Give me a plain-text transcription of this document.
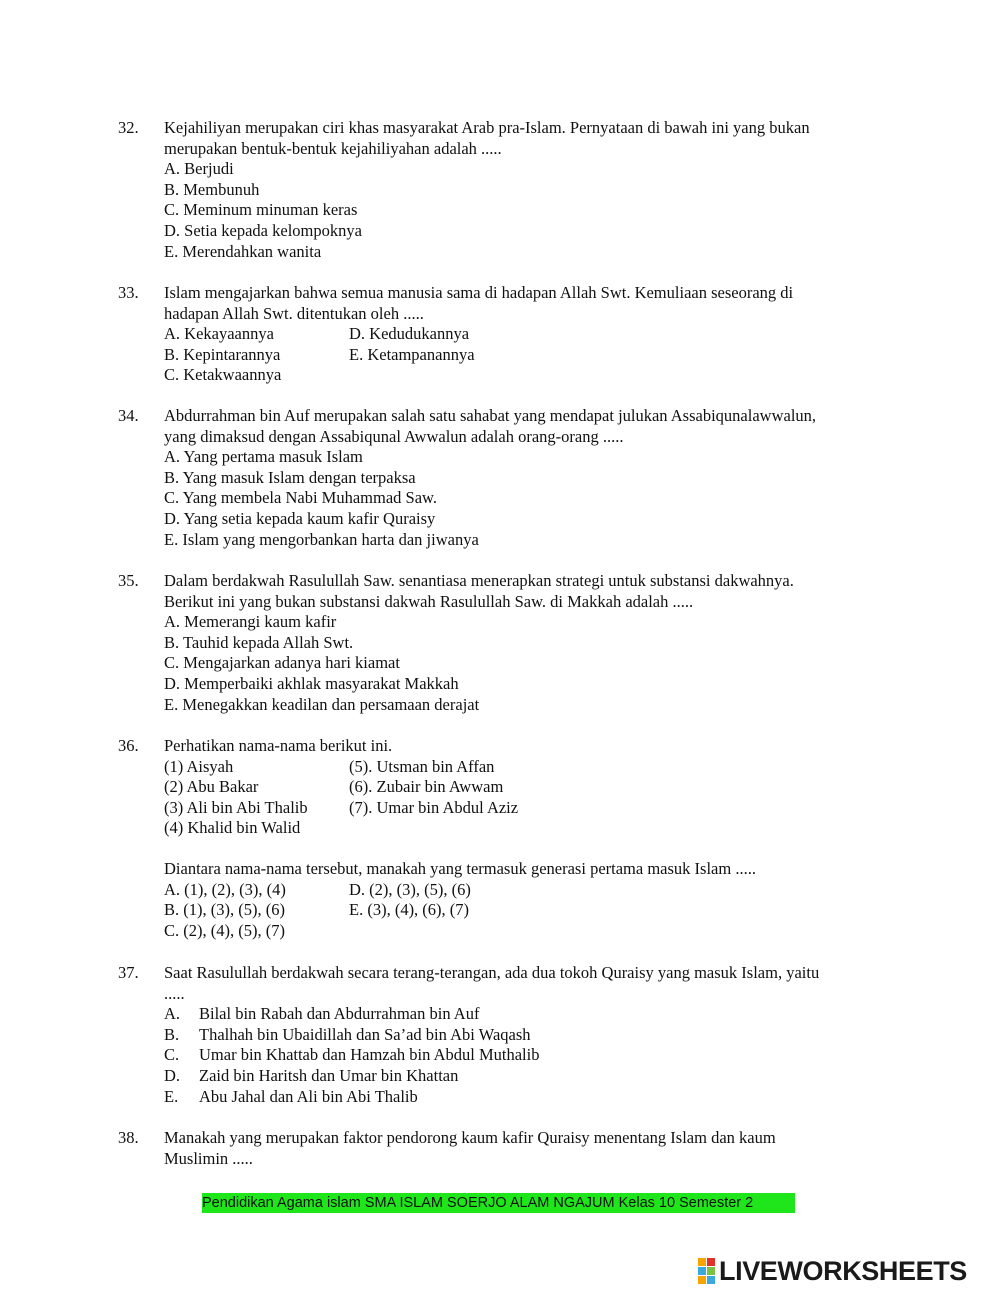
32. Kejahiliyan merupakan ciri khas masyarakat Arab pra-Islam. Pernyataan di bawah ini yang bukan
merupakan bentuk-bentuk kejahiliyahan adalah .....
A. Berjudi
B. Membunuh
C. Meminum minuman keras
D. Setia kepada kelompoknya
E. Merendahkan wanita
33. Islam mengajarkan bahwa semua manusia sama di hadapan Allah Swt. Kemuliaan seseorang di
hadapan Allah Swt. ditentukan oleh .....
A. Kekayaannya	D. Kedudukannya
B. Kepintarannya	E. Ketampanannya
C. Ketakwaannya
34. Abdurrahman bin Auf merupakan salah satu sahabat yang mendapat julukan Assabiqunalawwalun,
yang dimaksud dengan Assabiqunal Awwalun adalah orang-orang .....
A. Yang pertama masuk Islam
B. Yang masuk Islam dengan terpaksa
C. Yang membela Nabi Muhammad Saw.
D. Yang setia kepada kaum kafir Quraisy
E. Islam yang mengorbankan harta dan jiwanya
35. Dalam berdakwah Rasulullah Saw. senantiasa menerapkan strategi untuk substansi dakwahnya.
Berikut ini yang bukan substansi dakwah Rasulullah Saw. di Makkah adalah .....
A. Memerangi kaum kafir
B. Tauhid kepada Allah Swt.
C. Mengajarkan adanya hari kiamat
D. Memperbaiki akhlak masyarakat Makkah
E. Menegakkan keadilan dan persamaan derajat
36. Perhatikan nama-nama berikut ini.
(1) Aisyah	(5). Utsman bin Affan
(2) Abu Bakar	(6). Zubair bin Awwam
(3) Ali bin Abi Thalib	(7). Umar bin Abdul Aziz
(4) Khalid bin Walid
Diantara nama-nama tersebut, manakah yang termasuk generasi pertama masuk Islam .....
A. (1), (2), (3), (4)	D. (2), (3), (5), (6)
B. (1), (3), (5), (6)	E. (3), (4), (6), (7)
C. (2), (4), (5), (7)
37. Saat Rasulullah berdakwah secara terang-terangan, ada dua tokoh Quraisy yang masuk Islam, yaitu
.....
A.	Bilal bin Rabah dan Abdurrahman bin Auf
B.	Thalhah bin Ubaidillah dan Sa’ad bin Abi Waqash
C.	Umar bin Khattab dan Hamzah bin Abdul Muthalib
D.	Zaid bin Haritsh dan Umar bin Khattan
E.	Abu Jahal dan Ali bin Abi Thalib
38. Manakah yang merupakan faktor pendorong kaum kafir Quraisy menentang Islam dan kaum
Muslimin .....
Pendidikan Agama islam SMA ISLAM SOERJO ALAM NGAJUM Kelas 10 Semester 2
LIVEWORKSHEETS
